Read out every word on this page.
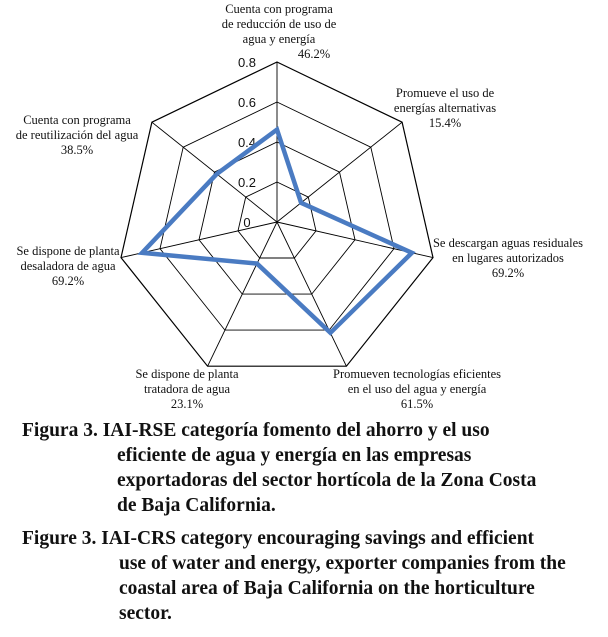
0
0.2
0.4
0.6
0.8
Cuenta con programa
de reducción de uso de
agua y energía
46.2%
Promueve el uso de
energías alternativas
15.4%
Se descargan aguas residuales
en lugares autorizados
69.2%
Promueven tecnologías eficientes
en el uso del agua y energía
61.5%
Se dispone de planta
tratadora de agua
23.1%
Se dispone de planta
desaladora de agua
69.2%
Cuenta con programa
de reutilización del agua
38.5%
Figura 3. IAI-RSE categoría fomento del ahorro y el uso
eficiente de agua y energía en las empresas
exportadoras del sector hortícola de la Zona Costa
de Baja California.
Figure 3. IAI-CRS category encouraging savings and efficient
use of water and energy, exporter companies from the
coastal area of Baja California on the horticulture
sector.
